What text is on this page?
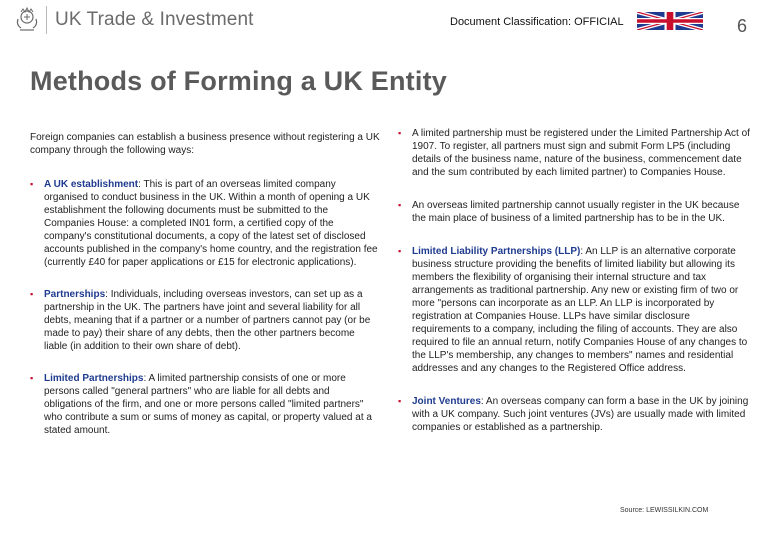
UK Trade & Investment	Document Classification: OFFICIAL	6
Methods of Forming a UK Entity

Foreign companies can establish a business presence without registering a UK company through the following ways:

▪ A UK establishment: This is part of an overseas limited company organised to conduct business in the UK. Within a month of opening a UK establishment the following documents must be submitted to the Companies House: a completed IN01 form, a certified copy of the company's constitutional documents, a copy of the latest set of disclosed accounts published in the company's home country, and the registration fee (currently £40 for paper applications or £15 for electronic applications).
▪ Partnerships: Individuals, including overseas investors, can set up as a partnership in the UK. The partners have joint and several liability for all debts, meaning that if a partner or a number of partners cannot pay (or be made to pay) their share of any debts, then the other partners become liable (in addition to their own share of debt).
▪ Limited Partnerships: A limited partnership consists of one or more persons called "general partners" who are liable for all debts and obligations of the firm, and one or more persons called "limited partners" who contribute a sum or sums of money as capital, or property valued at a stated amount.
▪ A limited partnership must be registered under the Limited Partnership Act of 1907. To register, all partners must sign and submit Form LP5 (including details of the business name, nature of the business, commencement date and the sum contributed by each limited partner) to Companies House.
▪ An overseas limited partnership cannot usually register in the UK because the main place of business of a limited partnership has to be in the UK.
▪ Limited Liability Partnerships (LLP): An LLP is an alternative corporate business structure providing the benefits of limited liability but allowing its members the flexibility of organising their internal structure and tax arrangements as traditional partnership. Any new or existing firm of two or more "persons can incorporate as an LLP. An LLP is incorporated by registration at Companies House. LLPs have similar disclosure requirements to a company, including the filing of accounts. They are also required to file an annual return, notify Companies House of any changes to the LLP's membership, any changes to members" names and residential addresses and any changes to the Registered Office address.
▪ Joint Ventures: An overseas company can form a base in the UK by joining with a UK company. Such joint ventures (JVs) are usually made with limited companies or established as a partnership.
Source: LEWISSILKIN.COM
